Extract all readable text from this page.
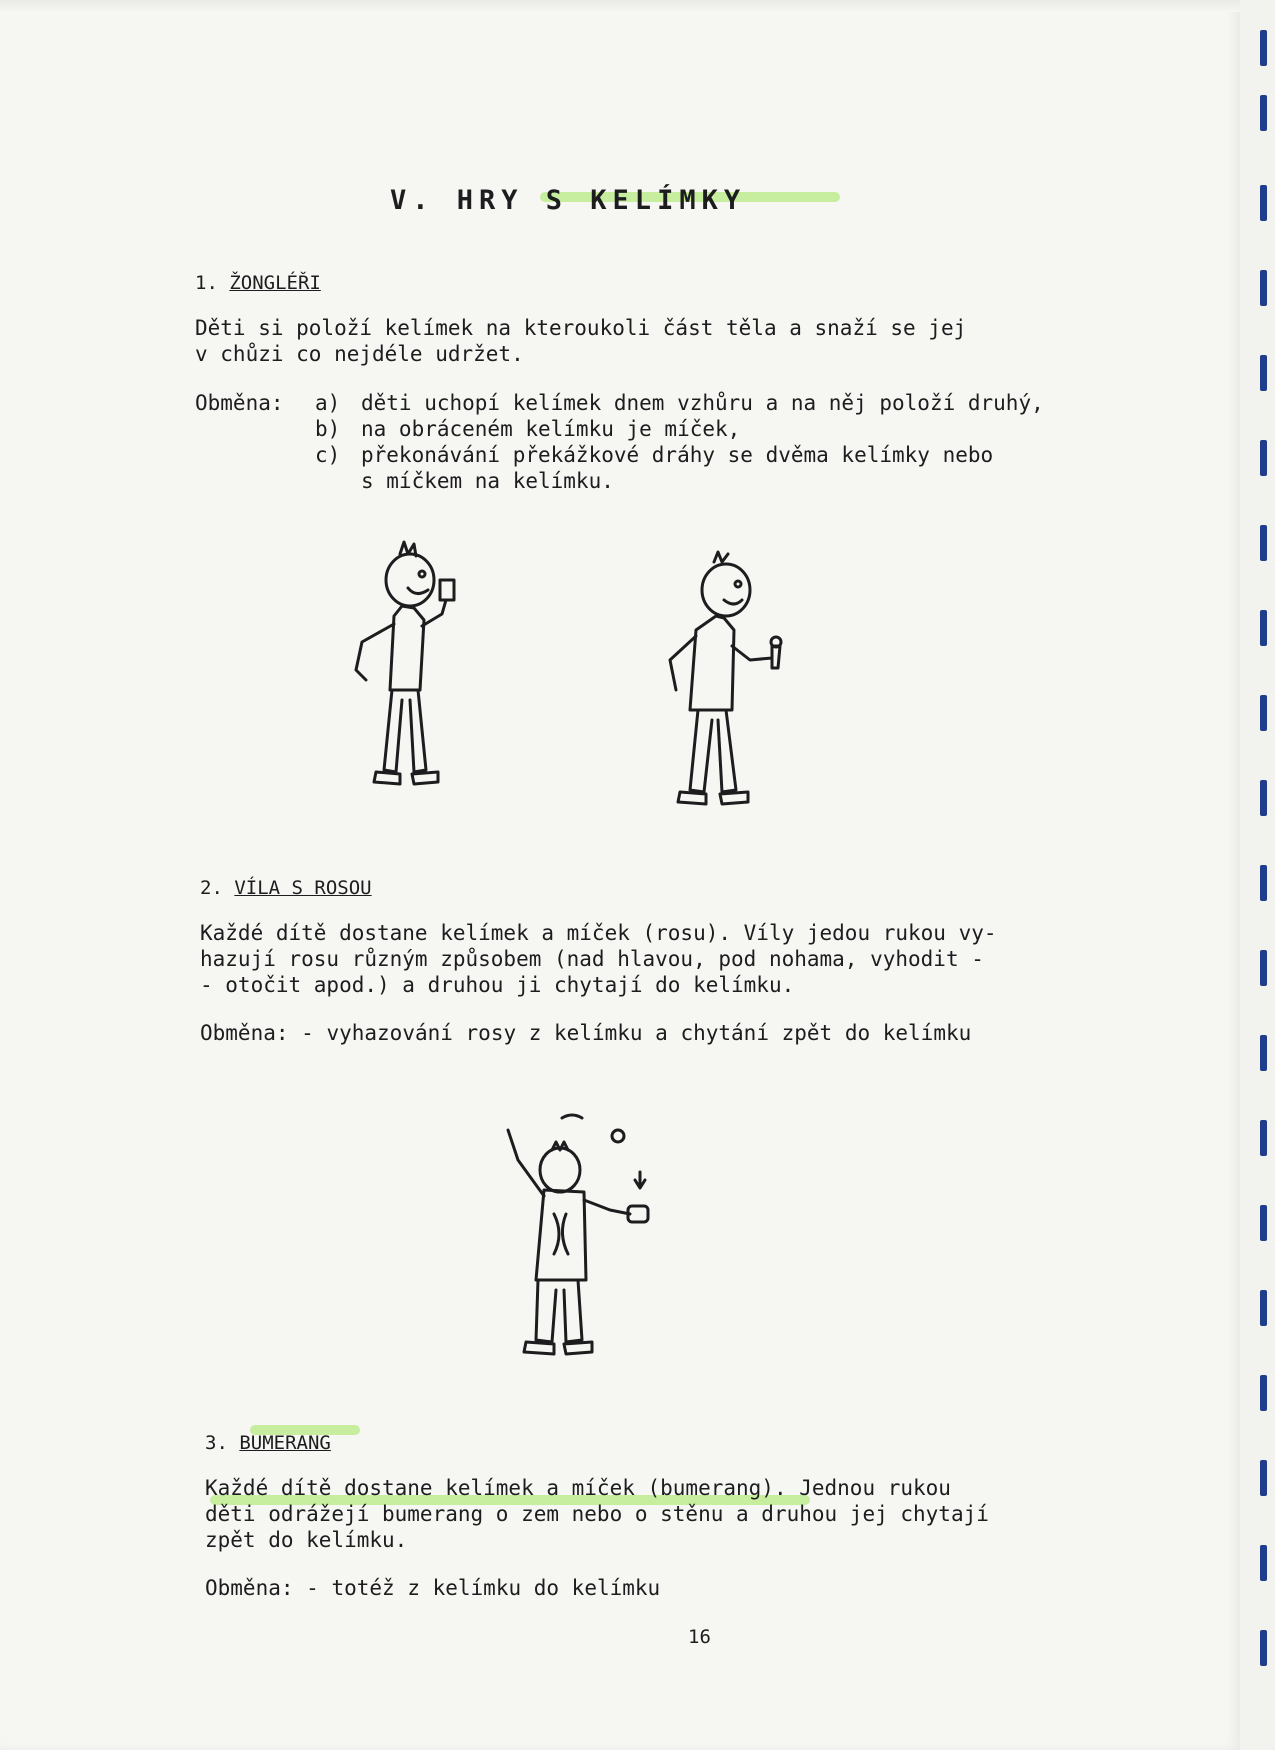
V. HRY S KELÍMKY
1. ŽONGLÉŘI
Děti si položí kelímek na kteroukoli část těla a snaží se jej
v chůzi co nejdéle udržet.
Obměna:	a) děti uchopí kelímek dnem vzhůru a na něj položí druhý,
b) na obráceném kelímku je míček,
c) překonávání překážkové dráhy se dvěma kelímky nebo
s míčkem na kelímku.
2. VÍLA S ROSOU
Každé dítě dostane kelímek a míček (rosu). Víly jedou rukou vy-
hazují rosu různým způsobem (nad hlavou, pod nohama, vyhodit -
- otočit apod.) a druhou ji chytají do kelímku.
Obměna: - vyhazování rosy z kelímku a chytání zpět do kelímku
3. BUMERANG
Každé dítě dostane kelímek a míček (bumerang). Jednou rukou
děti odrážejí bumerang o zem nebo o stěnu a druhou jej chytají
zpět do kelímku.
Obměna: - totéž z kelímku do kelímku
16
